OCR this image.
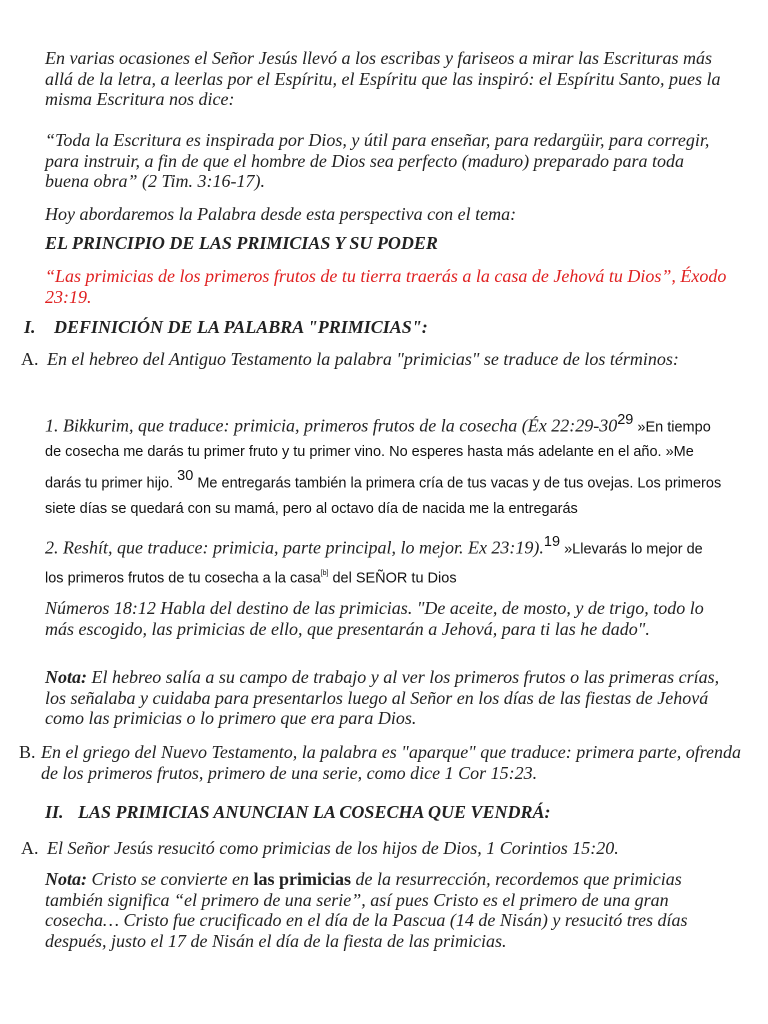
En varias ocasiones el Señor Jesús llevó a los escribas y fariseos a mirar las Escrituras más allá de la letra, a leerlas por el Espíritu, el Espíritu que las inspiró: el Espíritu Santo, pues la misma Escritura nos dice:
“Toda la Escritura es inspirada por Dios, y útil para enseñar, para redargüir, para corregir, para instruir, a fin de que el hombre de Dios sea perfecto (maduro) preparado para toda buena obra” (2 Tim. 3:16-17).
Hoy abordaremos la Palabra desde esta perspectiva con el tema:
EL PRINCIPIO DE LAS PRIMICIAS Y SU PODER
“Las primicias de los primeros frutos de tu tierra traerás a la casa de Jehová tu Dios”, Éxodo 23:19.
I. DEFINICIÓN DE LA PALABRA "PRIMICIAS":
A. En el hebreo del Antiguo Testamento la palabra "primicias" se traduce de los términos:
1. Bikkurim, que traduce: primicia, primeros frutos de la cosecha (Éx $22:29-30^{29}$ »En tiempo de cosecha me darás tu primer fruto y tu primer vino. No esperes hasta más adelante en el año. »Me darás tu primer hijo. $^{30}$ Me entregarás también la primera cría de tus vacas y de tus ovejas. Los primeros siete días se quedará con su mamá, pero al octavo día de nacida me la entregarás
2. Reshít, que traduce: primicia, parte principal, lo mejor. Ex 23:19).$^{19}$ »Llevarás lo mejor de los primeros frutos de tu cosecha a la casa[b] del SEÑOR tu Dios
Números 18:12 Habla del destino de las primicias. "De aceite, de mosto, y de trigo, todo lo más escogido, las primicias de ello, que presentarán a Jehová, para ti las he dado".
Nota: El hebreo salía a su campo de trabajo y al ver los primeros frutos o las primeras crías, los señalaba y cuidaba para presentarlos luego al Señor en los días de las fiestas de Jehová como las primicias o lo primero que era para Dios.
B. En el griego del Nuevo Testamento, la palabra es "aparque" que traduce: primera parte, ofrenda de los primeros frutos, primero de una serie, como dice 1 Cor 15:23.
II. LAS PRIMICIAS ANUNCIAN LA COSECHA QUE VENDRÁ:
A. El Señor Jesús resucitó como primicias de los hijos de Dios, 1 Corintios 15:20.
Nota: Cristo se convierte en las primicias de la resurrección, recordemos que primicias también significa “el primero de una serie”, así pues Cristo es el primero de una gran cosecha… Cristo fue crucificado en el día de la Pascua (14 de Nisán) y resucitó tres días después, justo el 17 de Nisán el día de la fiesta de las primicias.
